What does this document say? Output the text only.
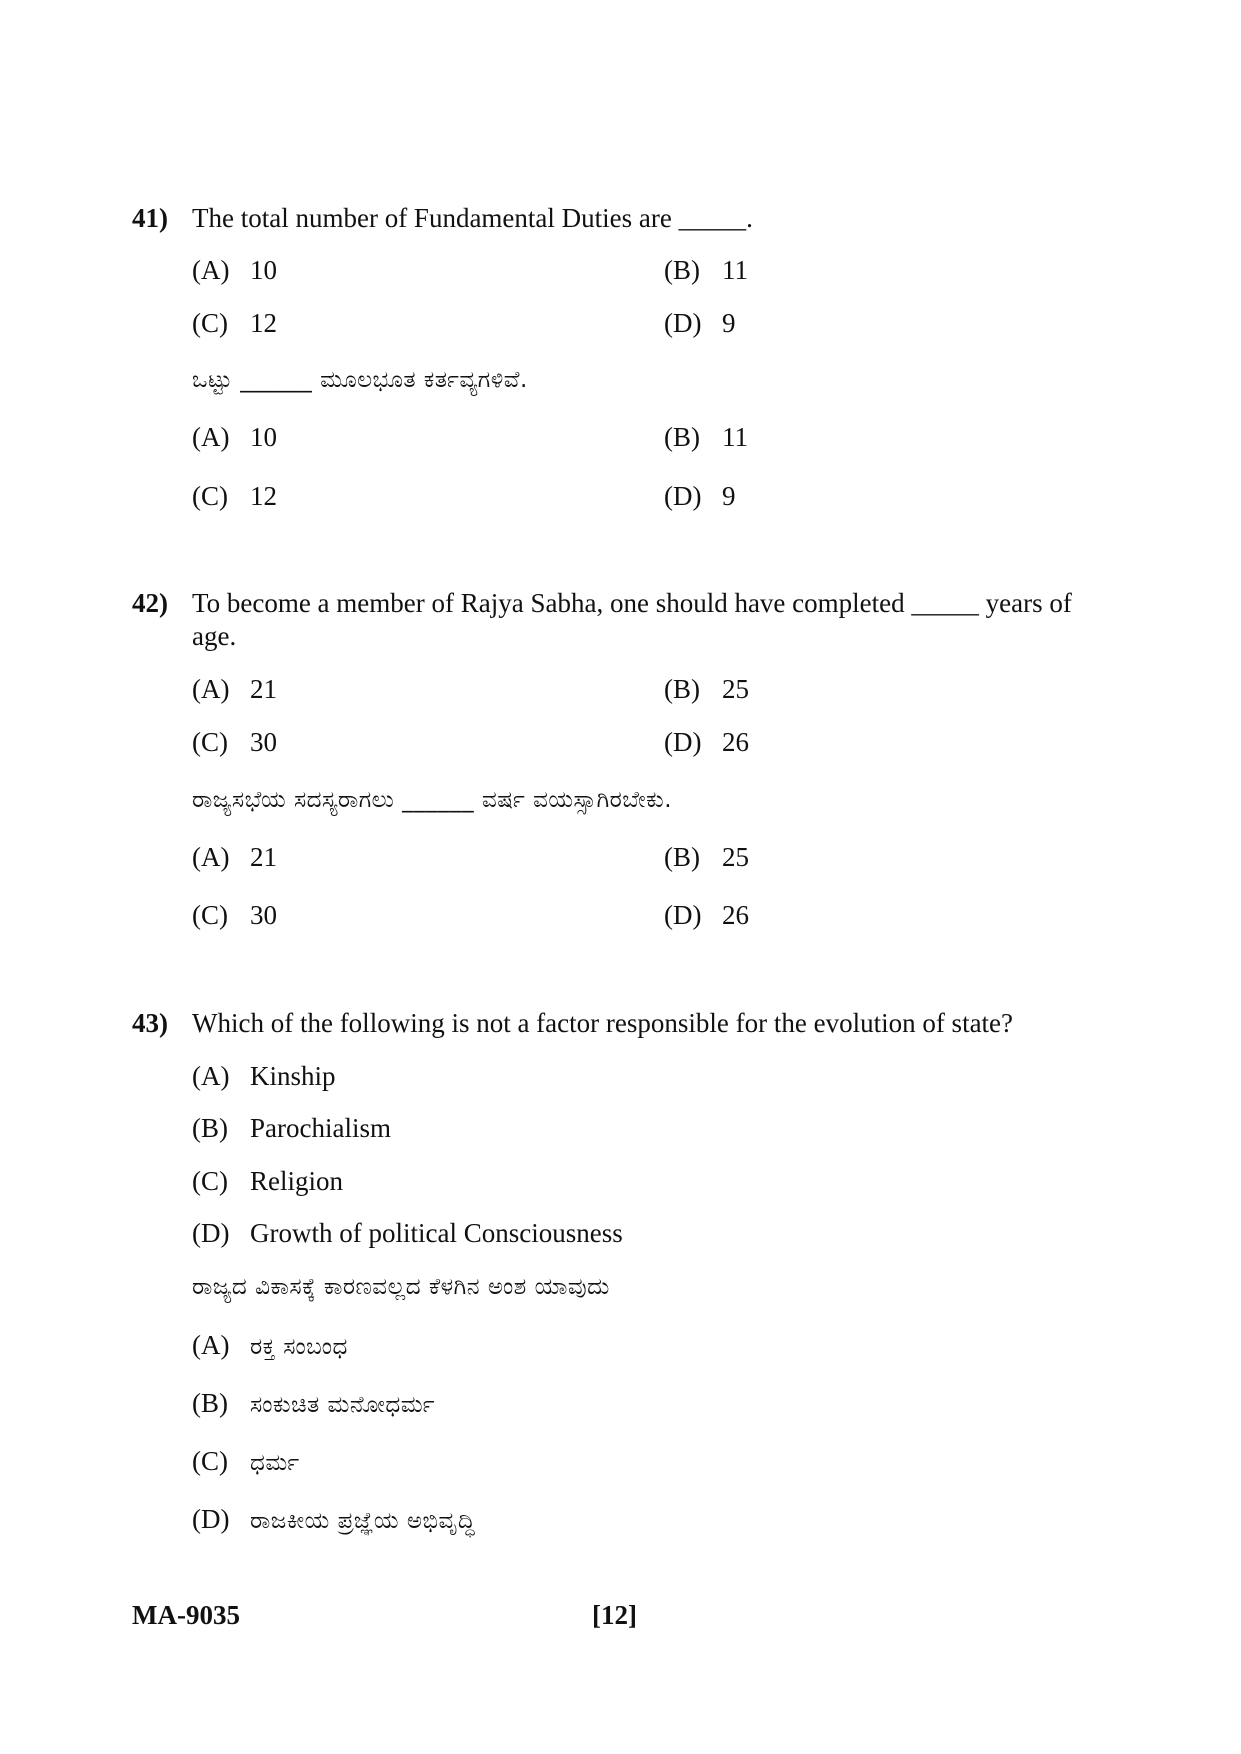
41) The total number of Fundamental Duties are _____.
(A) 10	(B) 11
(C) 12	(D) 9
ಒಟ್ಟು ______ ಮೂಲಭೂತ ಕರ್ತವ್ಯಗಳಿವೆ.
(A) 10	(B) 11
(C) 12	(D) 9
42) To become a member of Rajya Sabha, one should have completed _____ years of age.
(A) 21	(B) 25
(C) 30	(D) 26
ರಾಜ್ಯಸಭೆಯ ಸದಸ್ಯರಾಗಲು ______ ವರ್ಷ ವಯಸ್ಸಾಗಿರಬೇಕು.
(A) 21	(B) 25
(C) 30	(D) 26
43) Which of the following is not a factor responsible for the evolution of state?
(A) Kinship
(B) Parochialism
(C) Religion
(D) Growth of political Consciousness
ರಾಜ್ಯದ ವಿಕಾಸಕ್ಕೆ ಕಾರಣವಲ್ಲದ ಕೆಳಗಿನ ಅಂಶ ಯಾವುದು
(A) ರಕ್ತ ಸಂಬಂಧ
(B) ಸಂಕುಚಿತ ಮನೋಧರ್ಮ
(C) ಧರ್ಮ
(D) ರಾಜಕೀಯ ಪ್ರಜ್ಞೆಯ ಅಭಿವೃದ್ಧಿ
MA-9035	[12]
